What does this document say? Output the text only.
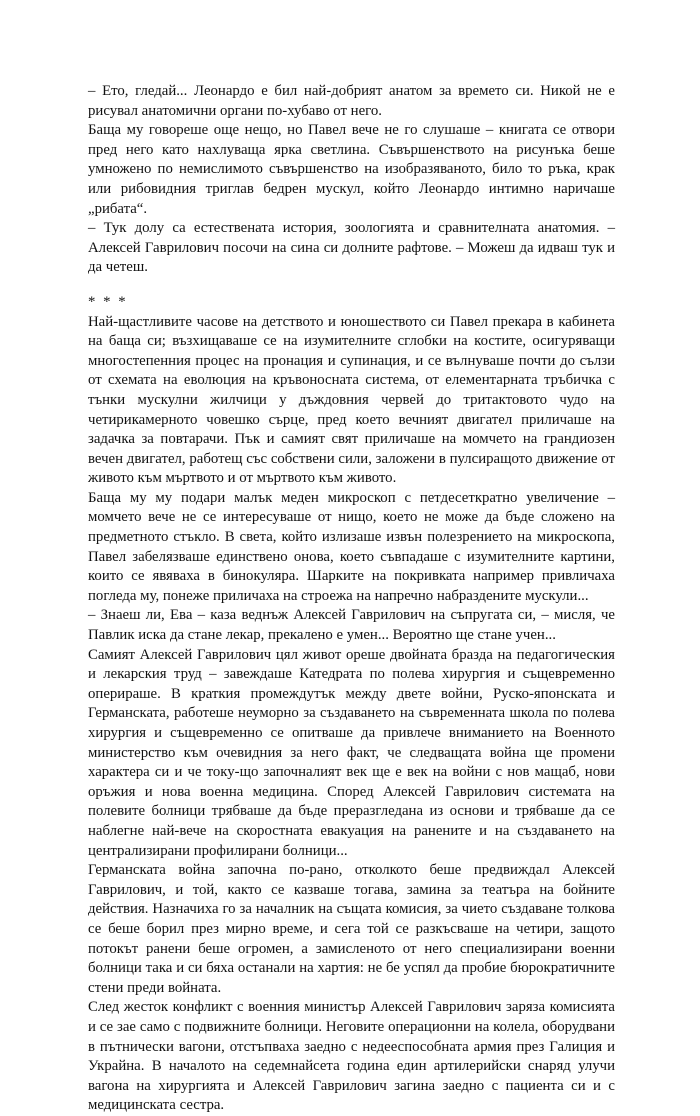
– Ето, гледай... Леонардо е бил най-добрият анатом за времето си. Никой не е рисувал анатомични органи по-хубаво от него.

Баща му говореше още нещо, но Павел вече не го слушаше – книгата се отвори пред него като нахлуваща ярка светлина. Съвършенството на рисунъка беше умножено по немислимото съвършенство на изобразяваното, било то ръка, крак или рибовидния триглав бедрен мускул, който Леонардо интимно наричаше „рибата“.

– Тук долу са естествената история, зоологията и сравнителната анатомия. – Алексей Гаврилович посочи на сина си долните рафтове. – Можеш да идваш тук и да четеш.

* * *

Най-щастливите часове на детството и юношеството си Павел прекара в кабинета на баща си; възхищаваше се на изумителните сглобки на костите, осигуряващи многостепенния процес на пронация и супинация, и се вълнуваше почти до сълзи от схемата на еволюция на кръвоносната система, от елементарната тръбичка с тънки мускулни жилчици у дъждовния червей до тритактовото чудо на четирикамерното човешко сърце, пред което вечният двигател приличаше на задачка за повтарачи. Пък и самият свят приличаше на момчето на грандиозен вечен двигател, работещ със собствени сили, заложени в пулсиращото движение от живото към мъртвото и от мъртвото към живото.

Баща му му подари малък меден микроскоп с петдесеткратно увеличение – момчето вече не се интересуваше от нищо, което не може да бъде сложено на предметното стъкло. В света, който излизаше извън полезрението на микроскопа, Павел забелязваше единствено онова, което съвпадаше с изумителните картини, които се явяваха в бинокуляра. Шарките на покривката например привличаха погледа му, понеже приличаха на строежа на напречно набраздените мускули...

– Знаеш ли, Ева – каза веднъж Алексей Гаврилович на съпругата си, – мисля, че Павлик иска да стане лекар, прекалено е умен... Вероятно ще стане учен...

Самият Алексей Гаврилович цял живот ореше двойната бразда на педагогическия и лекарския труд – завеждаше Катедрата по полева хирургия и същевременно оперираше. В краткия промеждутък между двете войни, Руско-японската и Германската, работеше неуморно за създаването на съвременната школа по полева хирургия и същевременно се опитваше да привлече вниманието на Военното министерство към очевидния за него факт, че следващата война ще промени характера си и че току-що започналият век ще е век на войни с нов мащаб, нови оръжия и нова военна медицина. Според Алексей Гаврилович системата на полевите болници трябваше да бъде преразгледана из основи и трябваше да се наблегне най-вече на скоростната евакуация на ранените и на създаването на централизирани профилирани болници...

Германската война започна по-рано, отколкото беше предвиждал Алексей Гаврилович, и той, както се казваше тогава, замина за театъра на бойните действия. Назначиха го за началник на същата комисия, за чието създаване толкова се беше борил през мирно време, и сега той се разкъсваше на четири, защото потокът ранени беше огромен, а замисленото от него специализирани военни болници така и си бяха останали на хартия: не бе успял да пробие бюрократичните стени преди войната.

След жесток конфликт с военния министър Алексей Гаврилович заряза комисията и се зае само с подвижните болници. Неговите операционни на колела, оборудвани в пътнически вагони, отстъпваха заедно с недееспособната армия през Галиция и Украйна. В началото на седемнайсета година един артилерийски снаряд улучи вагона на хирургията и Алексей Гаврилович загина заедно с пациента си и с медицинската сестра.
